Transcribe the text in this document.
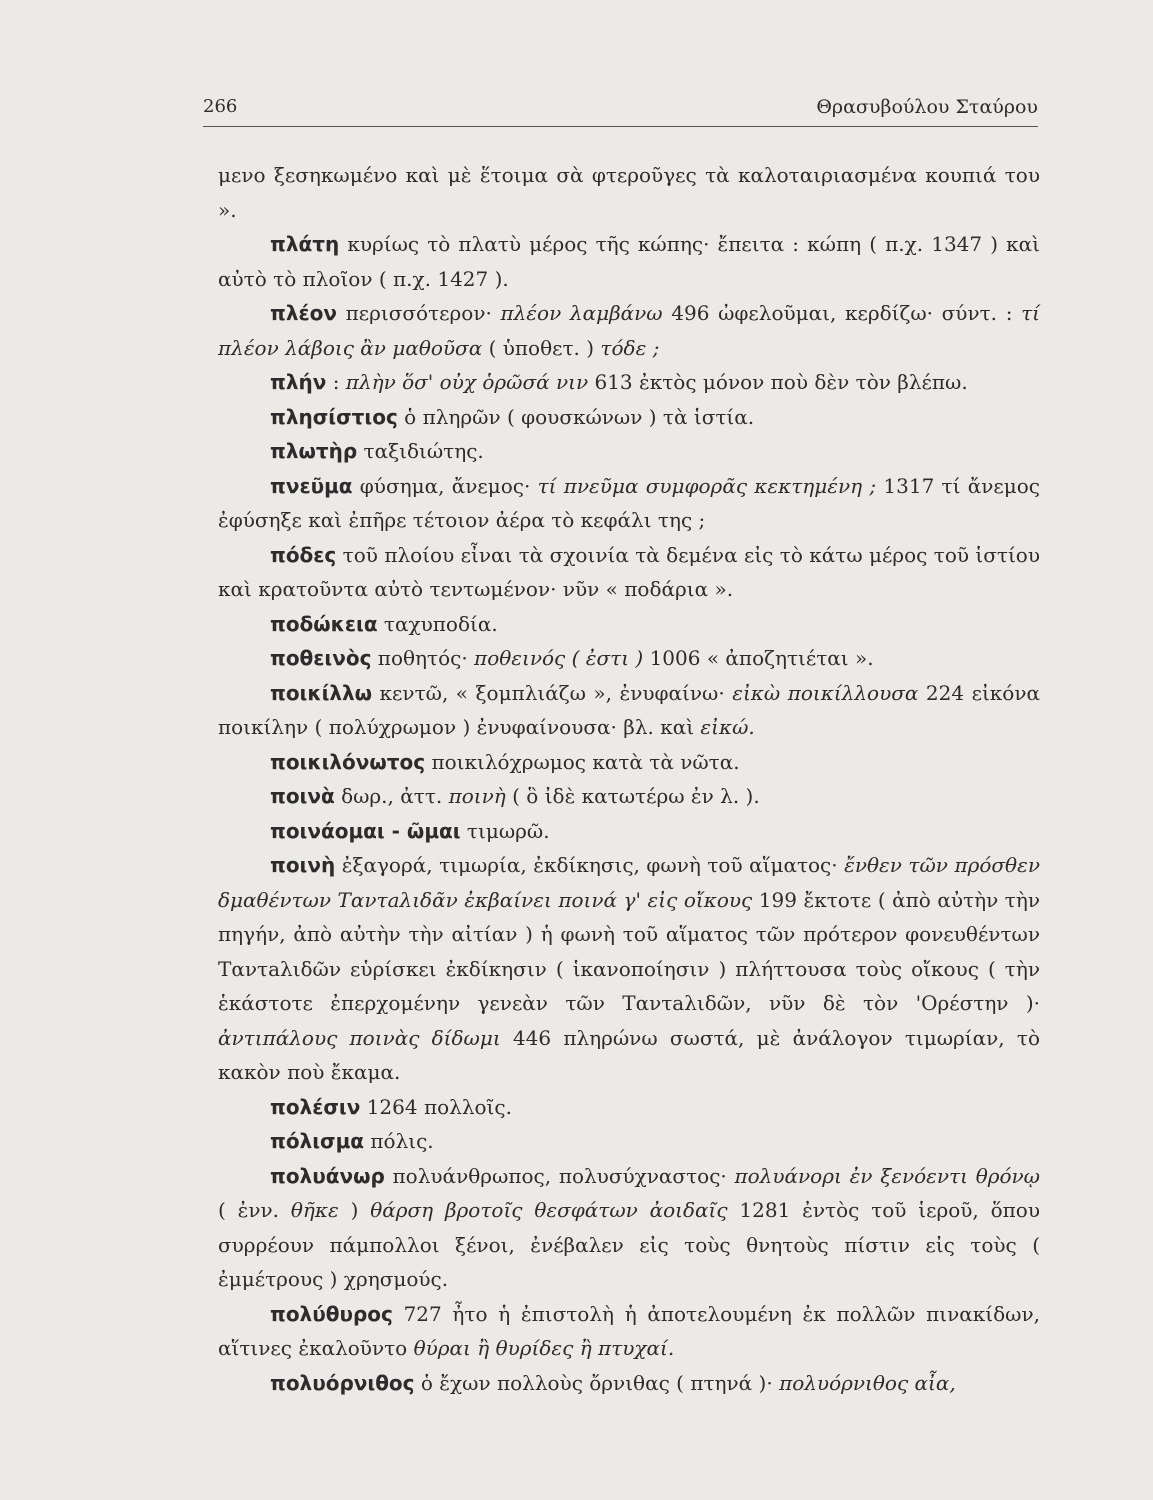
266	Θρασυβούλου Σταύρου

μενο ξεσηκωμένο καὶ μὲ ἕτοιμα σὰ φτεροῦγες τὰ καλοταιριασμένα κουπιά του ».

πλάτη κυρίως τὸ πλατὺ μέρος τῆς κώπης· ἔπειτα : κώπη ( π.χ. 1347 ) καὶ αὐτὸ τὸ πλοῖον ( π.χ. 1427 ).

πλέον περισσότερον· πλέον λαμβάνω 496 ὠφελοῦμαι, κερδίζω· σύντ. : τί πλέον λάβοις ἂν μαθοῦσα ( ὑποθετ. ) τόδε ;

πλήν : πλὴν ὅσ' οὐχ ὁρῶσά νιν 613 ἐκτὸς μόνον ποὺ δὲν τὸν βλέπω.

πλησίστιος ὁ πληρῶν ( φουσκώνων ) τὰ ἱστία.

πλωτὴρ ταξιδιώτης.

πνεῦμα φύσημα, ἄνεμος· τί πνεῦμα συμφορᾶς κεκτημένη ; 1317 τί ἄνεμος ἐφύσηξε καὶ ἐπῆρε τέτοιον ἀέρα τὸ κεφάλι της ;

πόδες τοῦ πλοίου εἶναι τὰ σχοινία τὰ δεμένα εἰς τὸ κάτω μέρος τοῦ ἱστίου καὶ κρατοῦντα αὐτὸ τεντωμένον· νῦν « ποδάρια ».

ποδώκεια ταχυποδία.

ποθεινὸς ποθητός· ποθεινός ( ἐστι ) 1006 « ἀποζητιέται ».

ποικίλλω κεντῶ, « ξομπλιάζω », ἐνυφαίνω· εἰκὼ ποικίλλουσα 224 εἰκόνα ποικίλην ( πολύχρωμον ) ἐνυφαίνουσα· βλ. καὶ εἰκώ.

ποικιλόνωτος ποικιλόχρωμος κατὰ τὰ νῶτα.

ποινὰ δωρ., ἀττ. ποινὴ ( ὃ ἰδὲ κατωτέρω ἐν λ. ).

ποινάομαι - ῶμαι τιμωρῶ.

ποινὴ ἐξαγορά, τιμωρία, ἐκδίκησις, φωνὴ τοῦ αἵματος· ἔνθεν τῶν πρόσθεν δμαθέντων Ταντaλιδᾶν ἐκβαίνει ποινά γ' εἰς οἴκους 199 ἔκτοτε ( ἀπὸ αὐτὴν τὴν πηγήν, ἀπὸ αὐτὴν τὴν αἰτίαν ) ἡ φωνὴ τοῦ αἵματος τῶν πρότερον φονευθέντων Ταντaλιδῶν εὑρίσκει ἐκδίκησιν ( ἱκανοποίησιν ) πλήττουσα τοὺς οἴκους ( τὴν ἑκάστοτε ἐπερχομένην γενεὰν τῶν Ταντaλιδῶν, νῦν δὲ τὸν 'Ορέστην )· ἀντιπάλους ποινὰς δίδωμι 446 πληρώνω σωστά, μὲ ἀνάλογον τιμωρίαν, τὸ κακὸν ποὺ ἔκαμα.

πολέσιν 1264 πολλοῖς.

πόλισμα πόλις.

πολυάνωρ πολυάνθρωπος, πολυσύχναστος· πολυάνορι ἐν ξενόεντι θρόνῳ ( ἐνν. θῆκε ) θάρση βροτοῖς θεσφάτων ἀοιδαῖς 1281 ἐντὸς τοῦ ἱεροῦ, ὅπου συρρέουν πάμπολλοι ξένοι, ἐνέβαλεν εἰς τοὺς θνητοὺς πίστιν εἰς τοὺς ( ἐμμέτρους ) χρησμούς.

πολύθυρος 727 ἦτο ἡ ἐπιστολὴ ἡ ἀποτελουμένη ἐκ πολλῶν πινακίδων, αἵτινες ἐκαλοῦντο θύραι ἢ θυρίδες ἢ πτυχαί.

πολυόρνιθος ὁ ἔχων πολλοὺς ὄρνιθας ( πτηνά )· πολυόρνιθος αἶα,
